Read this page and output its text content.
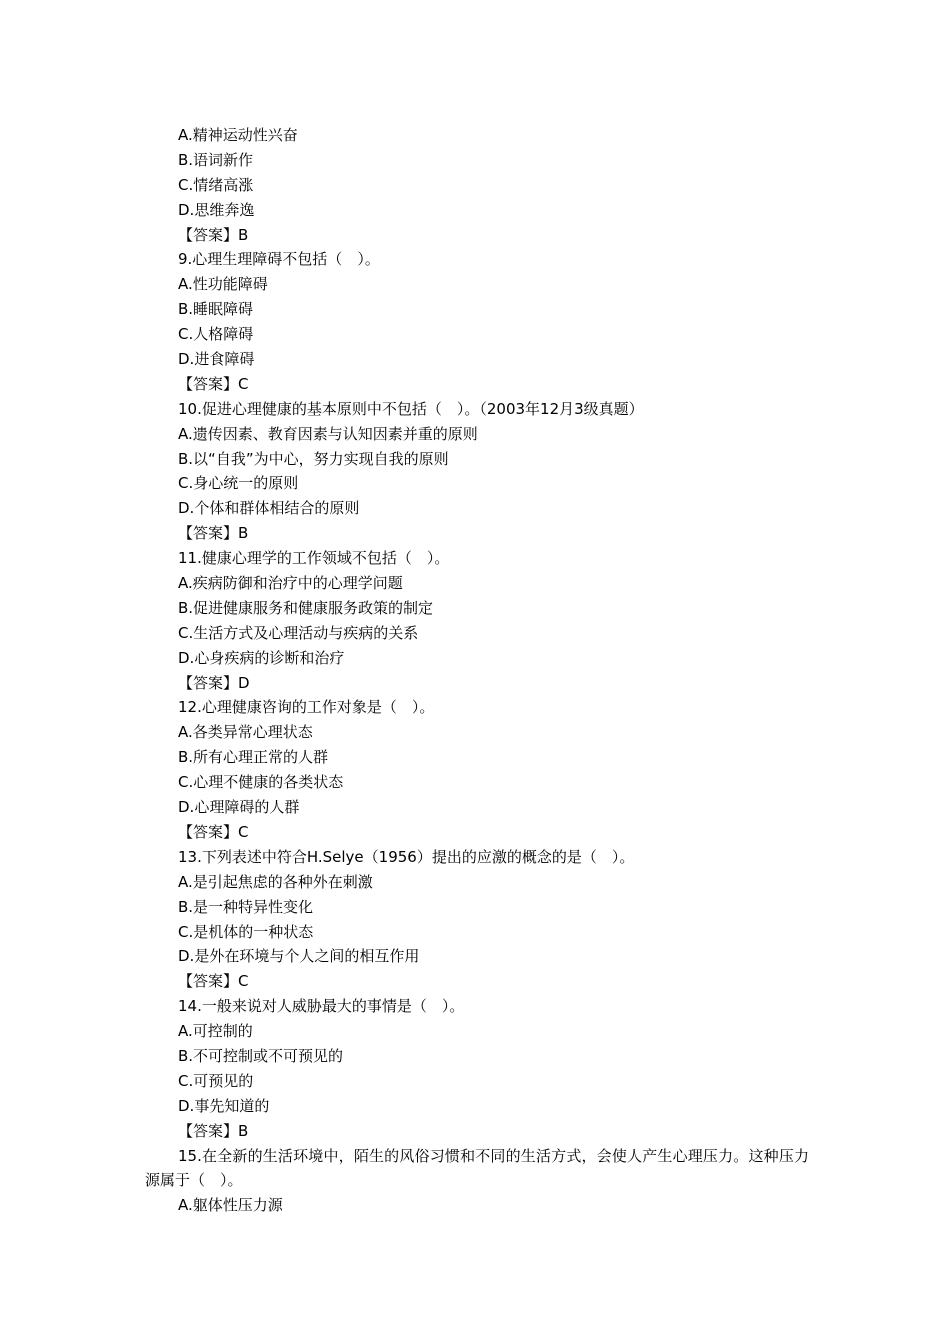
A.精神运动性兴奋
B.语词新作
C.情绪高涨
D.思维奔逸
【答案】B
9.心理生理障碍不包括（　）。
A.性功能障碍
B.睡眠障碍
C.人格障碍
D.进食障碍
【答案】C
10.促进心理健康的基本原则中不包括（　）。（2003年12月3级真题）
A.遗传因素、教育因素与认知因素并重的原则
B.以“自我”为中心，努力实现自我的原则
C.身心统一的原则
D.个体和群体相结合的原则
【答案】B
11.健康心理学的工作领域不包括（　）。
A.疾病防御和治疗中的心理学问题
B.促进健康服务和健康服务政策的制定
C.生活方式及心理活动与疾病的关系
D.心身疾病的诊断和治疗
【答案】D
12.心理健康咨询的工作对象是（　）。
A.各类异常心理状态
B.所有心理正常的人群
C.心理不健康的各类状态
D.心理障碍的人群
【答案】C
13.下列表述中符合H.Selye（1956）提出的应激的概念的是（　）。
A.是引起焦虑的各种外在刺激
B.是一种特异性变化
C.是机体的一种状态
D.是外在环境与个人之间的相互作用
【答案】C
14.一般来说对人威胁最大的事情是（　）。
A.可控制的
B.不可控制或不可预见的
C.可预见的
D.事先知道的
【答案】B
15.在全新的生活环境中，陌生的风俗习惯和不同的生活方式，会使人产生心理压力。这种压力源属于（　）。
A.躯体性压力源
